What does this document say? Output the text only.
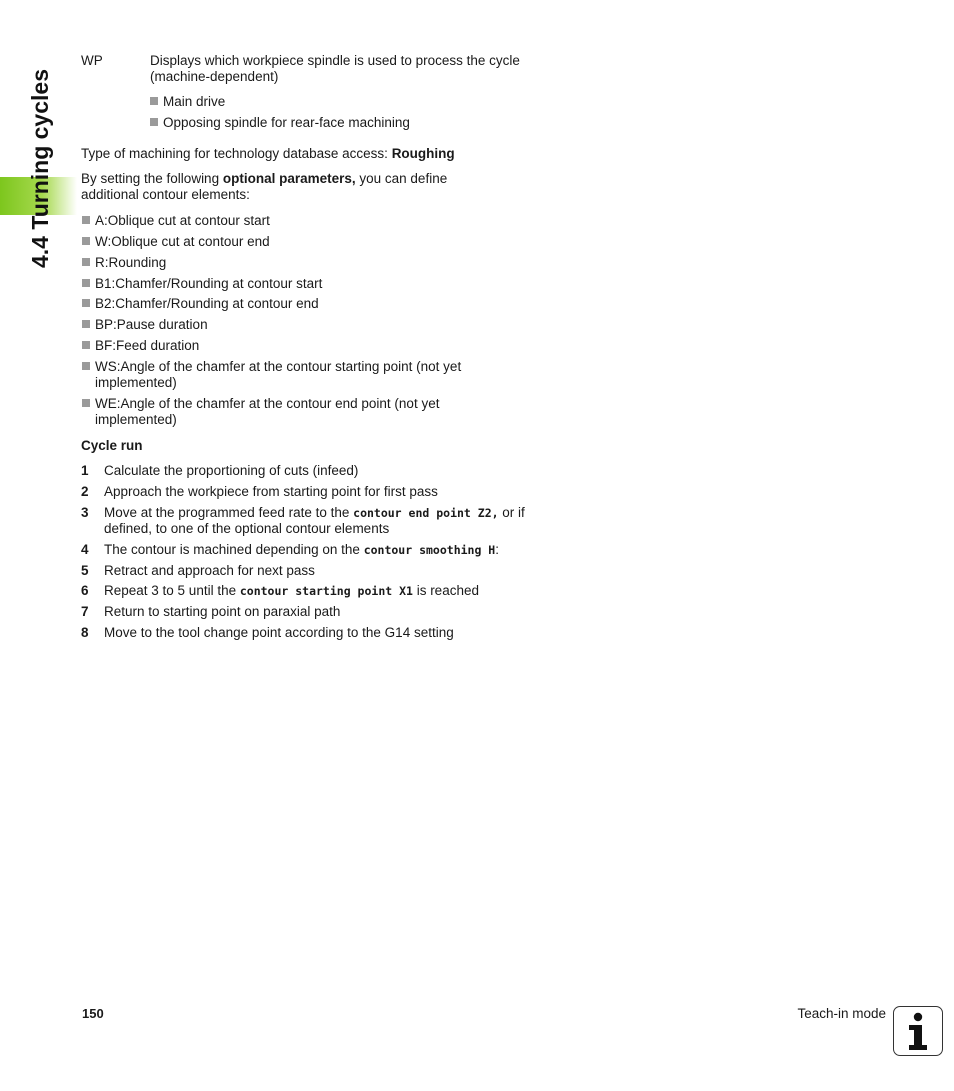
4.4 Turning cycles
WP	Displays which workpiece spindle is used to process the cycle (machine-dependent)
Main drive
Opposing spindle for rear-face machining
Type of machining for technology database access: Roughing
By setting the following optional parameters, you can define additional contour elements:
A:Oblique cut at contour start
W:Oblique cut at contour end
R:Rounding
B1:Chamfer/Rounding at contour start
B2:Chamfer/Rounding at contour end
BP:Pause duration
BF:Feed duration
WS:Angle of the chamfer at the contour starting point (not yet implemented)
WE:Angle of the chamfer at the contour end point (not yet implemented)
Cycle run
1 Calculate the proportioning of cuts (infeed)
2 Approach the workpiece from starting point for first pass
3 Move at the programmed feed rate to the contour end point Z2, or if defined, to one of the optional contour elements
4 The contour is machined depending on the contour smoothing H:
5 Retract and approach for next pass
6 Repeat 3 to 5 until the contour starting point X1 is reached
7 Return to starting point on paraxial path
8 Move to the tool change point according to the G14 setting
150	Teach-in mode
